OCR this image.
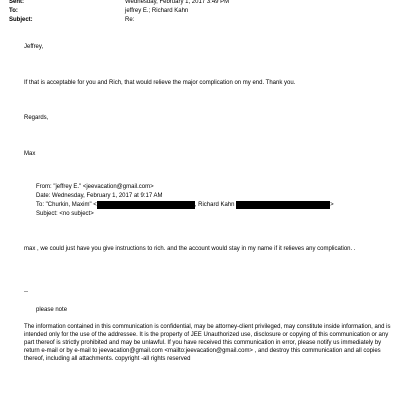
Sent:	Wednesday, February 1, 2017 3:49 PM
To:	jeffrey E.; Richard Kahn
Subject:	Re:
Jeffrey,
If that is acceptable for you and Rich, that would relieve the major complication on my end. Thank you.
Regards,
Max
From: "jeffrey E." <jeevacation@gmail.com>
Date: Wednesday, February 1, 2017 at 9:17 AM
To: "Churkin, Maxim" <	, Richard Kahn	>
Subject: <no subject>
max , we could just have you give instructions to rich. and the account would stay in my name if it relieves any complication. .
--
please note
The information contained in this communication is confidential, may be attorney-client privileged, may constitute inside information, and is intended only for the use of the addressee. It is the property of JEE Unauthorized use, disclosure or copying of this communication or any part thereof is strictly prohibited and may be unlawful. If you have received this communication in error, please notify us immediately by return e-mail or by e-mail to jeevacation@gmail.com <mailto:jeevacation@gmail.com> , and destroy this communication and all copies thereof, including all attachments. copyright -all rights reserved
